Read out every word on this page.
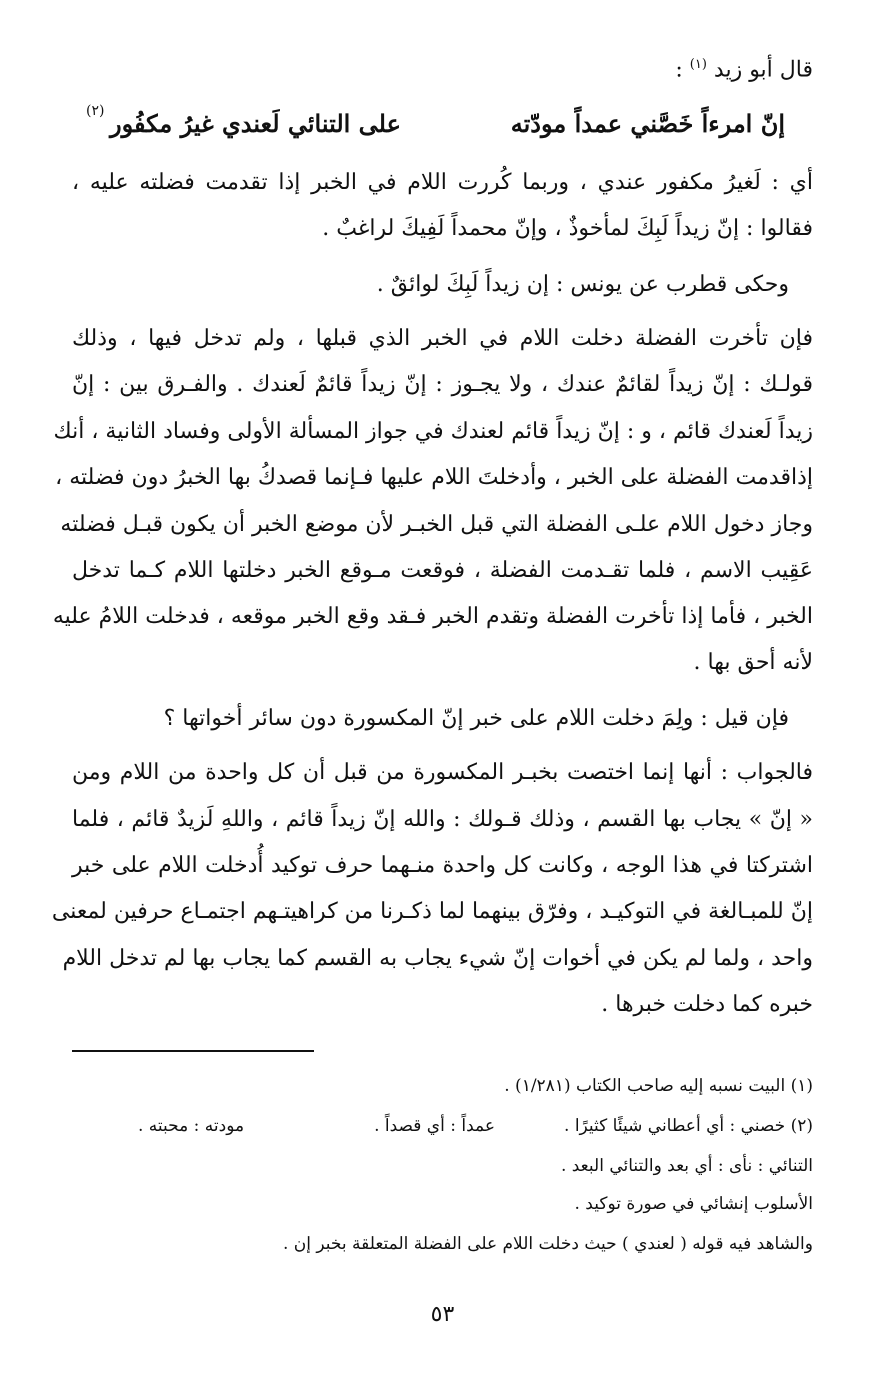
قال أبو زيد $^{(١)}$ :
إنّ امرءاً خَصَّني عمداً مودّته
على التنائي لَعندي غيرُ مكفُور
(٢)
أي : لَغيرُ مكفور عندي ، وربما كُررت اللام في الخبر إذا تقدمت فضلته عليه ،
فقالوا : إنّ زيداً لَبِكَ لمأخوذٌ ، وإنّ محمداً لَفِيكَ لراغبٌ .
وحكى قطرب عن يونس : إن زيداً لَبِكَ لوائقٌ .
فإن تأخرت الفضلة دخلت اللام في الخبر الذي قبلها ، ولم تدخل فيها ، وذلك
قولـك : إنّ زيداً لقائمٌ عندك ، ولا يجـوز : إنّ زيداً قائمٌ لَعندك . والفـرق بين : إنّ
زيداً لَعندك قائم ، و : إنّ زيداً قائم لعندك في جواز المسألة الأولى وفساد الثانية ، أنك
إذاقدمت الفضلة على الخبر ، وأدخلتَ اللام عليها فـإنما قصدكُ بها الخبرُ دون فضلته ،
وجاز دخول اللام علـى الفضلة التي قبل الخبـر لأن موضع الخبر أن يكون قبـل فضلته
عَقِيب الاسم ، فلما تقـدمت الفضلة ، فوقعت مـوقع الخبر دخلتها اللام كـما تدخل
الخبر ، فأما إذا تأخرت الفضلة وتقدم الخبر فـقد وقع الخبر موقعه ، فدخلت اللامُ عليه
لأنه أحق بها .
فإن قيل : ولِمَ دخلت اللام على خبر إنّ المكسورة دون سائر أخواتها ؟
فالجواب : أنها إنما اختصت بخبـر المكسورة من قبل أن كل واحدة من اللام ومن
« إنّ » يجاب بها القسم ، وذلك قـولك : والله إنّ زيداً قائم ، واللهِ لَزيدٌ قائم ، فلما
اشتركتا في هذا الوجه ، وكانت كل واحدة منـهما حرف توكيد أُدخلت اللام على خبر
إنّ للمبـالغة في التوكيـد ، وفرّق بينهما لما ذكـرنا من كراهيتـهم اجتمـاع حرفين لمعنى
واحد ، ولما لم يكن في أخوات إنّ شيء يجاب به القسم كما يجاب بها لم تدخل اللام
خبره كما دخلت خبرها .
(١) البيت نسبه إليه صاحب الكتاب (١/٢٨١) .
(٢) خصني : أي أعطاني شيئًا كثيرًا .
عمداً : أي قصداً .
مودته : محبته .
التنائي : نأى : أي بعد والتنائي البعد .
الأسلوب إنشائي في صورة توكيد .
والشاهد فيه قوله ( لعندي ) حيث دخلت اللام على الفضلة المتعلقة بخبر إن .
٥٣
